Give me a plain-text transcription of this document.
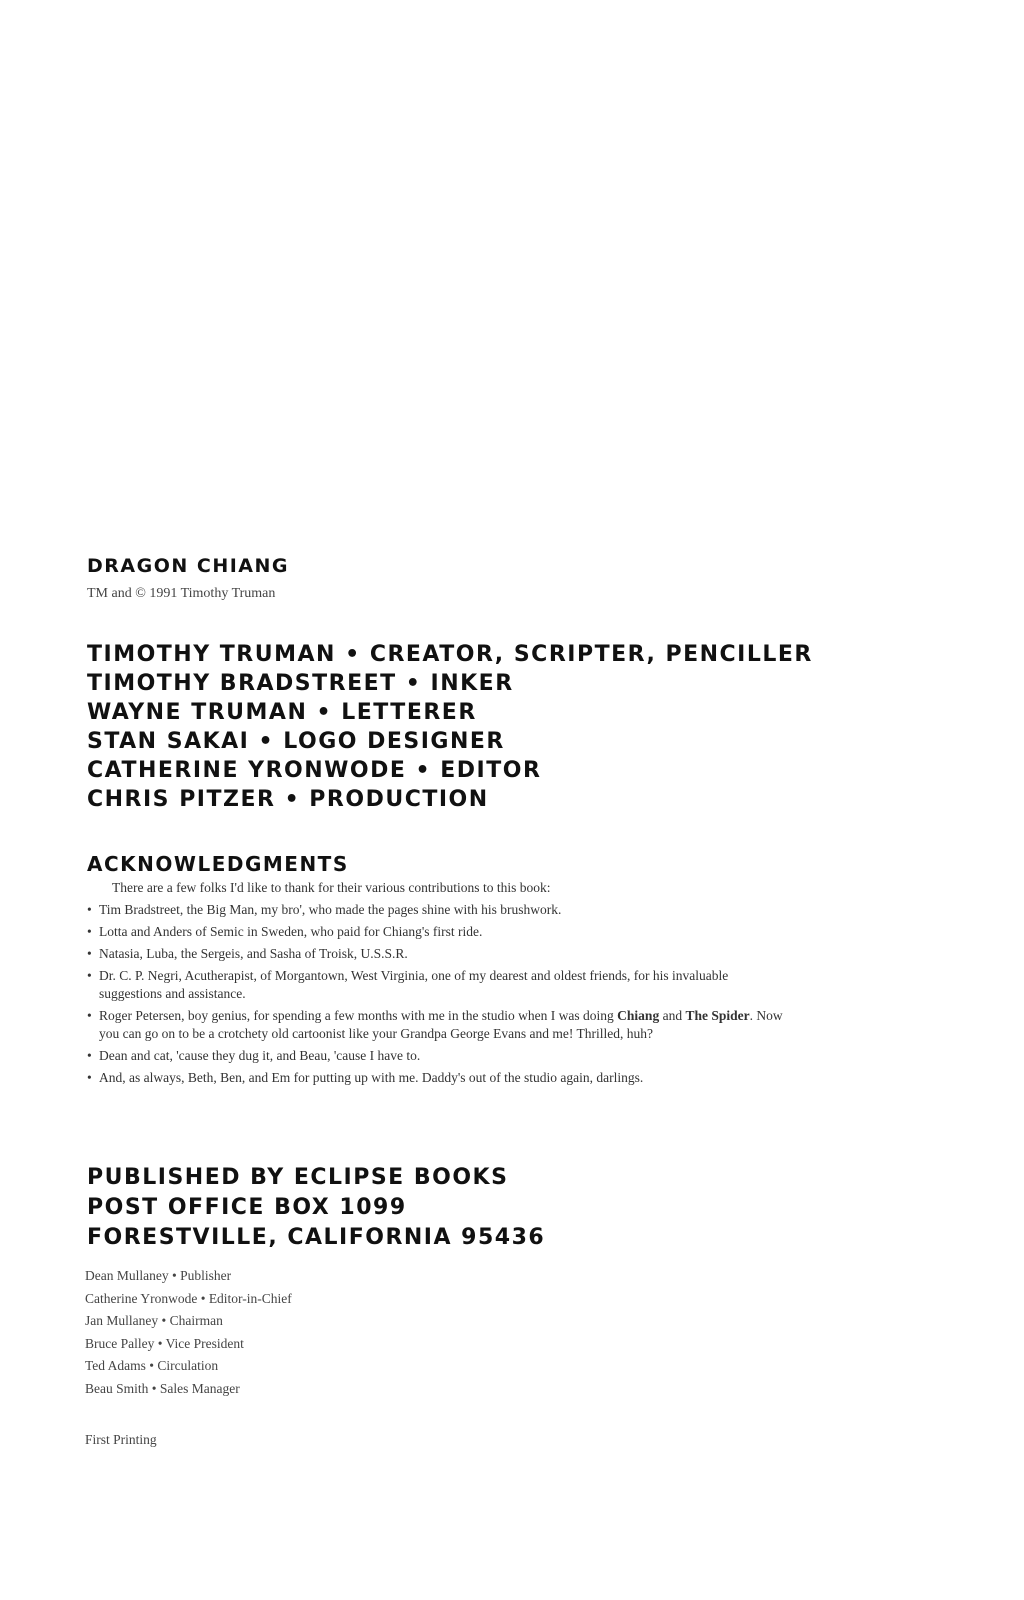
DRAGON CHIANG

TM and © 1991 Timothy Truman

TIMOTHY TRUMAN • CREATOR, SCRIPTER, PENCILLER
TIMOTHY BRADSTREET • INKER
WAYNE TRUMAN • LETTERER
STAN SAKAI • LOGO DESIGNER
CATHERINE YRONWODE • EDITOR
CHRIS PITZER • PRODUCTION
ACKNOWLEDGMENTS

There are a few folks I'd like to thank for their various contributions to this book:

• Tim Bradstreet, the Big Man, my bro', who made the pages shine with his brushwork.
• Lotta and Anders of Semic in Sweden, who paid for Chiang's first ride.
• Natasia, Luba, the Sergeis, and Sasha of Troisk, U.S.S.R.
• Dr. C. P. Negri, Acutherapist, of Morgantown, West Virginia, one of my dearest and oldest friends, for his invaluable suggestions and assistance.
• Roger Petersen, boy genius, for spending a few months with me in the studio when I was doing Chiang and The Spider. Now you can go on to be a crotchety old cartoonist like your Grandpa George Evans and me! Thrilled, huh?
• Dean and cat, 'cause they dug it, and Beau, 'cause I have to.
• And, as always, Beth, Ben, and Em for putting up with me. Daddy's out of the studio again, darlings.
PUBLISHED BY ECLIPSE BOOKS
POST OFFICE BOX 1099
FORESTVILLE, CALIFORNIA 95436
Dean Mullaney • Publisher
Catherine Yronwode • Editor-in-Chief
Jan Mullaney • Chairman
Bruce Palley • Vice President
Ted Adams • Circulation
Beau Smith • Sales Manager

First Printing
